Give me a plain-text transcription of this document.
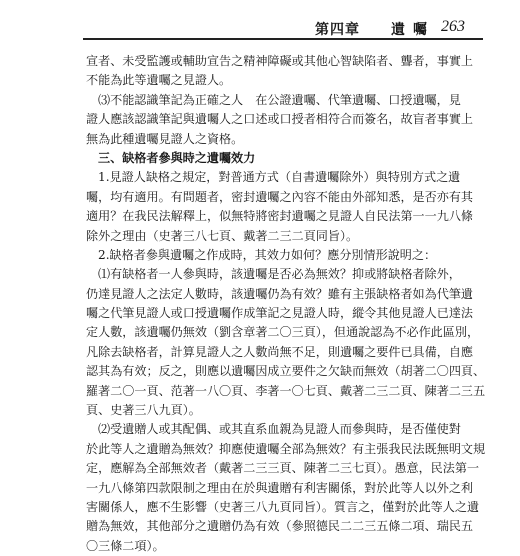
第四章 遺囑 263
宣者、未受監護或輔助宣告之精神障礙或其他心智缺陷者、聾者，事實上
不能為此等遺囑之見證人。
⑶不能認識筆記為正確之人　在公證遺囑、代筆遺囑、口授遺囑，見
證人應該認識筆記與遺囑人之口述或口授者相符合而簽名，故盲者事實上
無為此種遺囑見證人之資格。
三、缺格者參與時之遺囑效力
1.見證人缺格之規定，對普通方式（自書遺囑除外）與特別方式之遺
囑，均有適用。有問題者，密封遺囑之內容不能由外部知悉，是否亦有其
適用？在我民法解釋上，似無特將密封遺囑之見證人自民法第一一九八條
除外之理由（史著三八七頁、戴著二三二頁同旨）。
2.缺格者參與遺囑之作成時，其效力如何？應分別情形說明之：
⑴有缺格者一人參與時，該遺囑是否必為無效？抑或將缺格者除外，
仍達見證人之法定人數時，該遺囑仍為有效？雖有主張缺格者如為代筆遺
囑之代筆見證人或口授遺囑作成筆記之見證人時，縱令其他見證人已達法
定人數，該遺囑仍無效（劉含章著二〇三頁），但通說認為不必作此區別，
凡除去缺格者，計算見證人之人數尚無不足，則遺囑之要件已具備，自應
認其為有效；反之，則應以遺囑因成立要件之欠缺而無效（胡著二〇四頁、
羅著二〇一頁、范著一八〇頁、李著一〇七頁、戴著二三二頁、陳著二三五
頁、史著三八九頁）。
⑵受遺贈人或其配偶、或其直系血親為見證人而參與時，是否僅使對
於此等人之遺贈為無效？抑應使遺囑全部為無效？有主張我民法既無明文規
定，應解為全部無效者（戴著二三三頁、陳著二三七頁）。愚意，民法第一
一九八條第四款限制之理由在於與遺贈有利害關係，對於此等人以外之利
害關係人，應不生影響（史著三八九頁同旨）。質言之，僅對於此等人之遺
贈為無效，其他部分之遺贈仍為有效（參照德民二二三五條二項、瑞民五
〇三條二項）。
